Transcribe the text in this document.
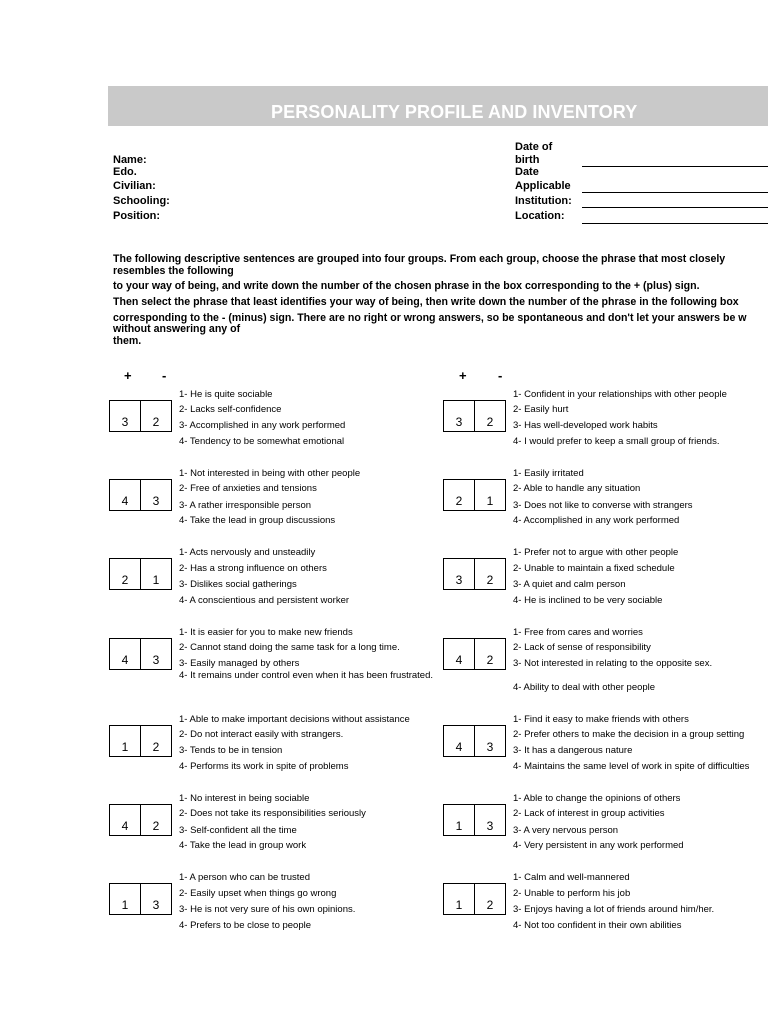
PERSONALITY PROFILE AND INVENTORY
Name:
Edo.
Civilian:
Schooling:
Position:
Date of
birth
Date
Applicable
Institution:
Location:
The following descriptive sentences are grouped into four groups. From each group, choose the phrase that most closely
resembles the following
to your way of being, and write down the number of the chosen phrase in the box corresponding to the + (plus) sign.
Then select the phrase that least identifies your way of being, then write down the number of the phrase in the following box
corresponding to the - (minus) sign. There are no right or wrong answers, so be spontaneous and don't let your answers be w
without answering any of
them.
+ -	+ -
3	2
1- He is quite sociable
2- Lacks self-confidence
3- Accomplished in any work performed
4- Tendency to be somewhat emotional
4	3
1- Not interested in being with other people
2- Free of anxieties and tensions
3- A rather irresponsible person
4- Take the lead in group discussions
2	1
1- Acts nervously and unsteadily
2- Has a strong influence on others
3- Dislikes social gatherings
4- A conscientious and persistent worker
4	3
1- It is easier for you to make new friends
2- Cannot stand doing the same task for a long time.
3- Easily managed by others
4- It remains under control even when it has been frustrated.
1	2
1- Able to make important decisions without assistance
2- Do not interact easily with strangers.
3- Tends to be in tension
4- Performs its work in spite of problems
4	2
1- No interest in being sociable
2- Does not take its responsibilities seriously
3- Self-confident all the time
4- Take the lead in group work
1	3
1- A person who can be trusted
2- Easily upset when things go wrong
3- He is not very sure of his own opinions.
4- Prefers to be close to people
3	2
1- Confident in your relationships with other people
2- Easily hurt
3- Has well-developed work habits
4- I would prefer to keep a small group of friends.
2	1
1- Easily irritated
2- Able to handle any situation
3- Does not like to converse with strangers
4- Accomplished in any work performed
3	2
1- Prefer not to argue with other people
2- Unable to maintain a fixed schedule
3- A quiet and calm person
4- He is inclined to be very sociable
4	2
1- Free from cares and worries
2- Lack of sense of responsibility
3- Not interested in relating to the opposite sex.
4- Ability to deal with other people
4	3
1- Find it easy to make friends with others
2- Prefer others to make the decision in a group setting
3- It has a dangerous nature
4- Maintains the same level of work in spite of difficulties
1	3
1- Able to change the opinions of others
2- Lack of interest in group activities
3- A very nervous person
4- Very persistent in any work performed
1	2
1- Calm and well-mannered
2- Unable to perform his job
3- Enjoys having a lot of friends around him/her.
4- Not too confident in their own abilities
